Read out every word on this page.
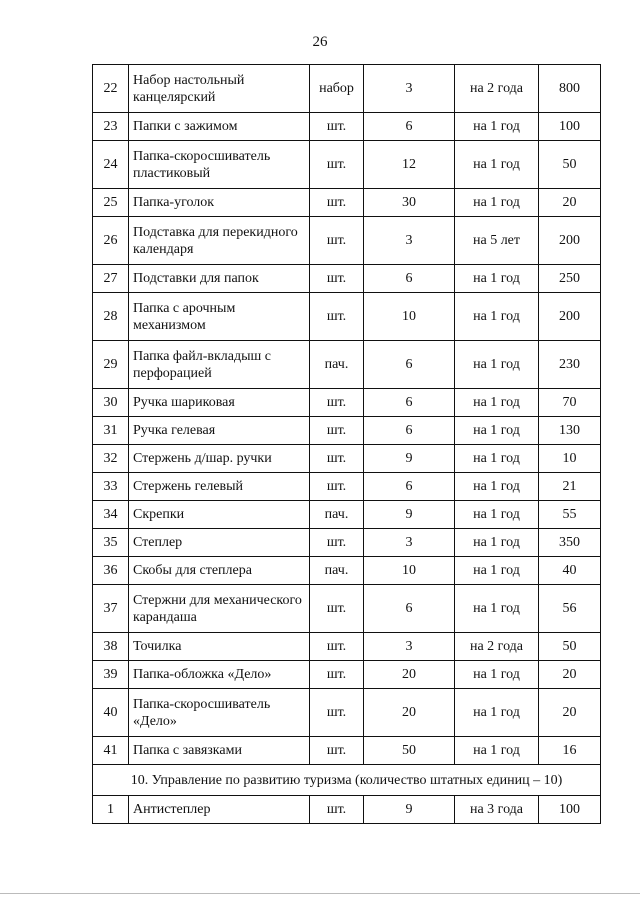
26
22	Набор настольный канцелярский	набор	3	на 2 года	800
23	Папки с зажимом	шт.	6	на 1 год	100
24	Папка-скоросшиватель пластиковый	шт.	12	на 1 год	50
25	Папка-уголок	шт.	30	на 1 год	20
26	Подставка для перекидного календаря	шт.	3	на 5 лет	200
27	Подставки для папок	шт.	6	на 1 год	250
28	Папка с арочным механизмом	шт.	10	на 1 год	200
29	Папка файл-вкладыш с перфорацией	пач.	6	на 1 год	230
30	Ручка шариковая	шт.	6	на 1 год	70
31	Ручка гелевая	шт.	6	на 1 год	130
32	Стержень д/шар. ручки	шт.	9	на 1 год	10
33	Стержень гелевый	шт.	6	на 1 год	21
34	Скрепки	пач.	9	на 1 год	55
35	Степлер	шт.	3	на 1 год	350
36	Скобы для степлера	пач.	10	на 1 год	40
37	Стержни для механического карандаша	шт.	6	на 1 год	56
38	Точилка	шт.	3	на 2 года	50
39	Папка-обложка «Дело»	шт.	20	на 1 год	20
40	Папка-скоросшиватель «Дело»	шт.	20	на 1 год	20
41	Папка с завязками	шт.	50	на 1 год	16
10. Управление по развитию туризма (количество штатных единиц – 10)					
1	Антистеплер	шт.	9	на 3 года	100
